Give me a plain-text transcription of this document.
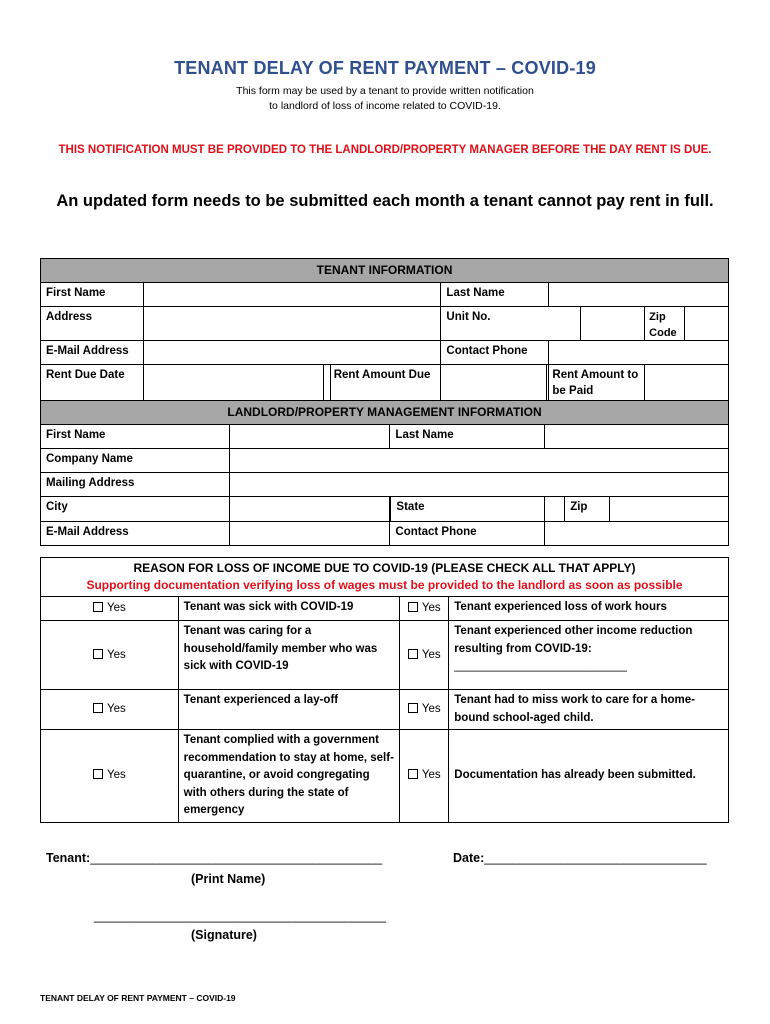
TENANT DELAY OF RENT PAYMENT – COVID-19
This form may be used by a tenant to provide written notification
to landlord of loss of income related to COVID-19.
THIS NOTIFICATION MUST BE PROVIDED TO THE LANDLORD/PROPERTY MANAGER BEFORE THE DAY RENT IS DUE.
An updated form needs to be submitted each month a tenant cannot pay rent in full.
TENANT INFORMATION					
First Name			Last Name		
Address			Unit No.		Zip Code

E-Mail Address			Contact Phone		
Rent Due Date		Rent Amount Due		Rent Amount to be Paid	
LANDLORD/PROPERTY MANAGEMENT INFORMATION			
First Name		Last Name	
Company Name			
Mailing Address			
City		State	Zip

E-Mail Address		Contact Phone	
REASON FOR LOSS OF INCOME DUE TO COVID-19 (PLEASE CHECK ALL THAT APPLY)
Supporting documentation verifying loss of wages must be provided to the landlord as soon as possible			

Yes	Tenant was sick with COVID-19	Yes	Tenant experienced loss of work hours
Yes	Tenant was caring for a household/family member who was sick with COVID-19	Yes	Tenant experienced other income reduction resulting from COVID-19:
___________________________

Yes	Tenant experienced a lay-off	Yes	Tenant had to miss work to care for a home-bound school-aged child.
Yes	Tenant complied with a government recommendation to stay at home, self-quarantine, or avoid congregating with others during the state of emergency	Yes	Documentation has already been submitted.
Tenant:__________________________________________	Date:________________________________
(Print Name)
__________________________________________
(Signature)
TENANT DELAY OF RENT PAYMENT – COVID-19
